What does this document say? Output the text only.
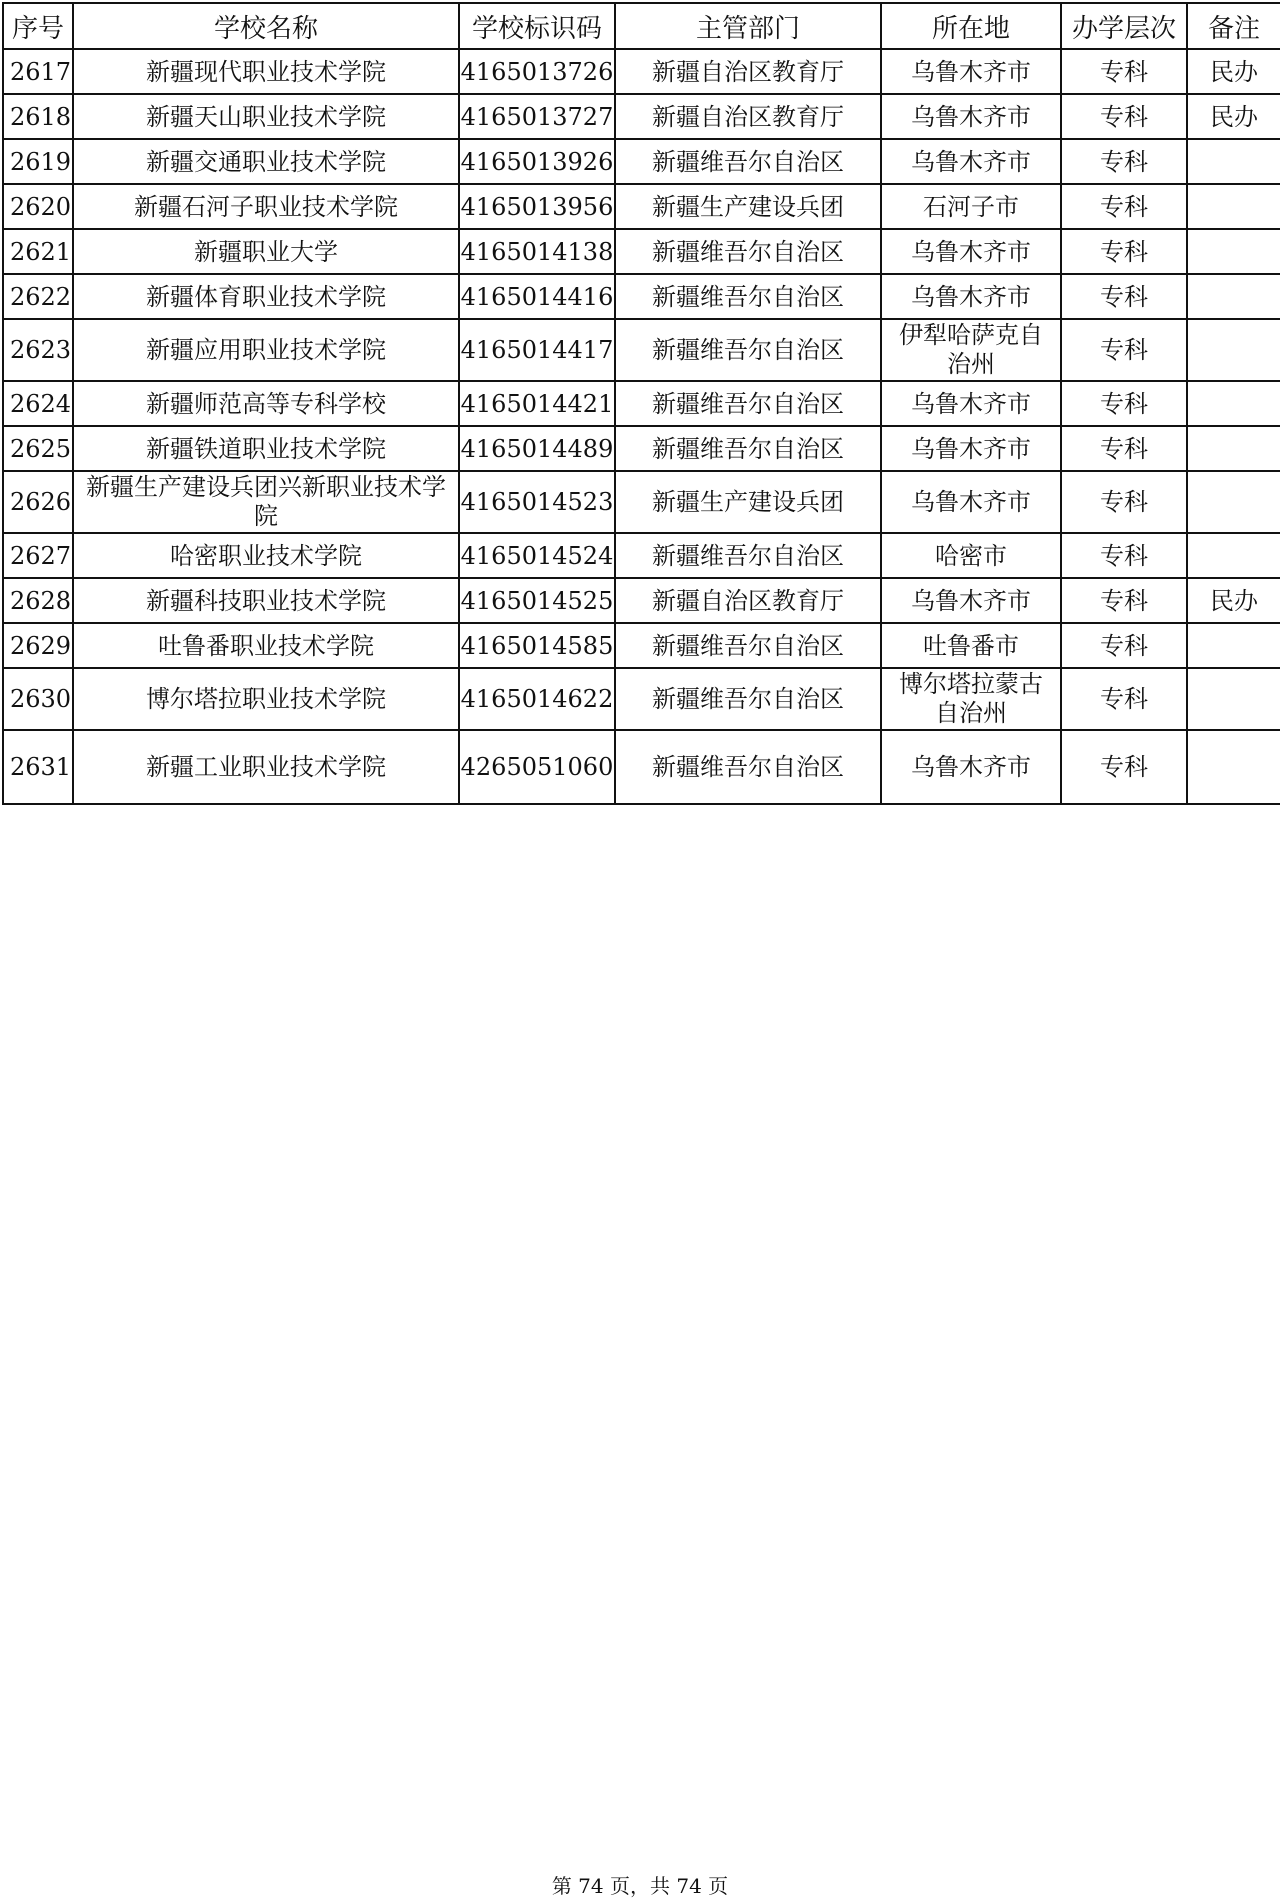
序号	学校名称	学校标识码	主管部门	所在地	办学层次	备注
2617	新疆现代职业技术学院	4165013726	新疆自治区教育厅	乌鲁木齐市	专科	民办
2618	新疆天山职业技术学院	4165013727	新疆自治区教育厅	乌鲁木齐市	专科	民办
2619	新疆交通职业技术学院	4165013926	新疆维吾尔自治区	乌鲁木齐市	专科	
2620	新疆石河子职业技术学院	4165013956	新疆生产建设兵团	石河子市	专科	
2621	新疆职业大学	4165014138	新疆维吾尔自治区	乌鲁木齐市	专科	
2622	新疆体育职业技术学院	4165014416	新疆维吾尔自治区	乌鲁木齐市	专科	
2623	新疆应用职业技术学院	4165014417	新疆维吾尔自治区	伊犁哈萨克自治州	专科	
2624	新疆师范高等专科学校	4165014421	新疆维吾尔自治区	乌鲁木齐市	专科	
2625	新疆铁道职业技术学院	4165014489	新疆维吾尔自治区	乌鲁木齐市	专科	
2626	新疆生产建设兵团兴新职业技术学院	4165014523	新疆生产建设兵团	乌鲁木齐市	专科	
2627	哈密职业技术学院	4165014524	新疆维吾尔自治区	哈密市	专科	
2628	新疆科技职业技术学院	4165014525	新疆自治区教育厅	乌鲁木齐市	专科	民办
2629	吐鲁番职业技术学院	4165014585	新疆维吾尔自治区	吐鲁番市	专科	
2630	博尔塔拉职业技术学院	4165014622	新疆维吾尔自治区	博尔塔拉蒙古自治州	专科	
2631	新疆工业职业技术学院	4265051060	新疆维吾尔自治区	乌鲁木齐市	专科	
第 74 页，共 74 页
